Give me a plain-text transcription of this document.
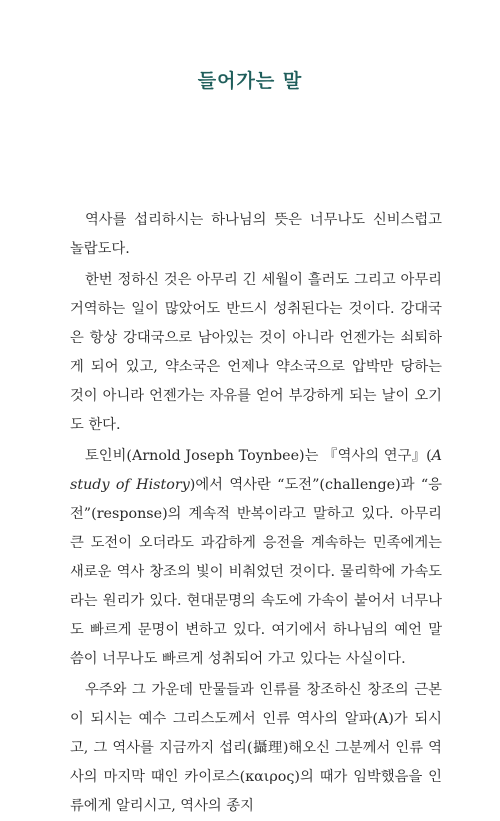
들어가는 말

역사를 섭리하시는 하나님의 뜻은 너무나도 신비스럽고 놀랍도다.

한번 정하신 것은 아무리 긴 세월이 흘러도 그리고 아무리 거역하는 일이 많았어도 반드시 성취된다는 것이다. 강대국은 항상 강대국으로 남아있는 것이 아니라 언젠가는 쇠퇴하게 되어 있고, 약소국은 언제나 약소국으로 압박만 당하는 것이 아니라 언젠가는 자유를 얻어 부강하게 되는 날이 오기도 한다.

토인비(Arnold Joseph Toynbee)는 『역사의 연구』(A study of History)에서 역사란 “도전”(challenge)과 “응전”(response)의 계속적 반복이라고 말하고 있다. 아무리 큰 도전이 오더라도 과감하게 응전을 계속하는 민족에게는 새로운 역사 창조의 빛이 비춰었던 것이다. 물리학에 가속도라는 원리가 있다. 현대문명의 속도에 가속이 붙어서 너무나도 빠르게 문명이 변하고 있다. 여기에서 하나님의 예언 말씀이 너무나도 빠르게 성취되어 가고 있다는 사실이다.

우주와 그 가운데 만물들과 인류를 창조하신 창조의 근본이 되시는 예수 그리스도께서 인류 역사의 알파(A)가 되시고, 그 역사를 지금까지 섭리(攝理)해오신 그분께서 인류 역사의 마지막 때인 카이로스(καιρος)의 때가 임박했음을 인류에게 알리시고, 역사의 종지
